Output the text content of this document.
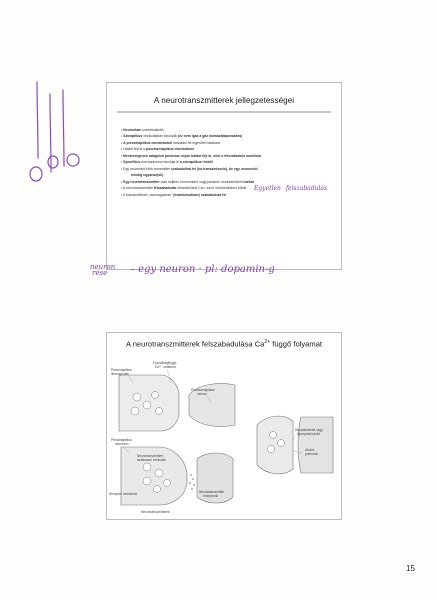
A neurotranszmitterek jellegzetességei
• Neuronban szintetizálódik
• Szinaptikus vezikulákban tárolódik (ez nem igaz a gáz halmazállapotúakra)
• A preszinaptikus membránból szabadul fel ingerület hatására
• Hatást fejt ki a posztszinaptikus membránon
• Mesterségesen adagolva pontosan olyan hatást fejt ki, mint a felszabaduló molekula
• Specifikus mechanizmus távolítja el a szinaptikus résből
• Egy neuronból több transmitter szabadulhat fel (ko-transzmisszió), de egy neuronból
mindig ugyanaz(ok)
• Egy neurotranszmitter más sejtben hormonként vagy parakrin modulátorként hathat
• A neurotranszmitter felszabadulás intracelluláris Ca²⁺-szint növekedéshez kötött
• A transzmitterek „csomagokban” (kvantumokban) szabadulnak fel
Egyetlen felszabadulás
neuron
rése	– egy neuron · pl: dopamin-g
A neurotranszmitterek felszabadulása $Ca^{2+}$ függő folyamat
Feszültségfüggő
$Ca^{2+}$ -csatorna
Preszinaptikus
ikerevgiódás
Posztszinaptikus
neuron
Preszinaptikus
membrán
Neurotranszmittert
tartalmazó vezikulák
Depolarizációt vagy
hiperpolarizációt
Akciós
potenciál
Neurotranszmitter
receptorok
Receptor molekulák
Neurotranszmitterek
15
